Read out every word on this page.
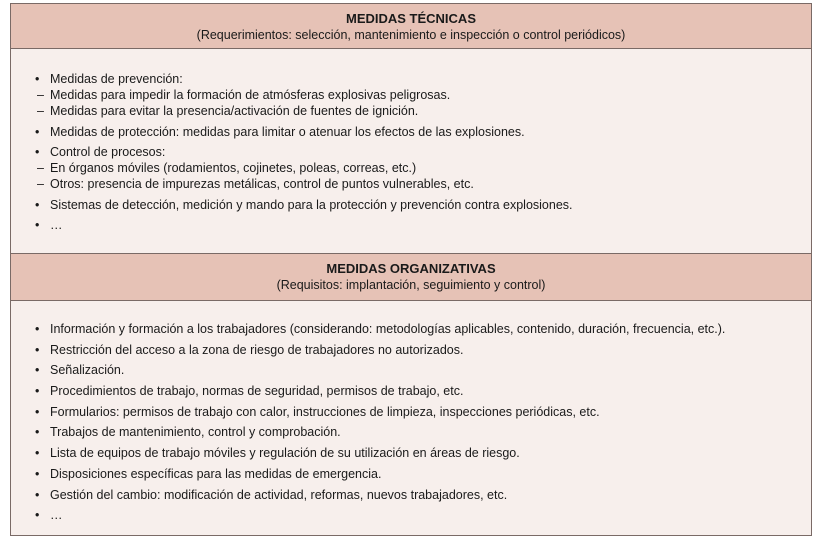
MEDIDAS TÉCNICAS
(Requerimientos: selección, mantenimiento e inspección o control periódicos)
• Medidas de prevención:
– Medidas para impedir la formación de atmósferas explosivas peligrosas.
– Medidas para evitar la presencia/activación de fuentes de ignición.
• Medidas de protección: medidas para limitar o atenuar los efectos de las explosiones.
• Control de procesos:
– En órganos móviles (rodamientos, cojinetes, poleas, correas, etc.)
– Otros: presencia de impurezas metálicas, control de puntos vulnerables, etc.
• Sistemas de detección, medición y mando para la protección y prevención contra explosiones.
• …
MEDIDAS ORGANIZATIVAS
(Requisitos: implantación, seguimiento y control)
• Información y formación a los trabajadores (considerando: metodologías aplicables, contenido, duración, frecuencia, etc.).
• Restricción del acceso a la zona de riesgo de trabajadores no autorizados.
• Señalización.
• Procedimientos de trabajo, normas de seguridad, permisos de trabajo, etc.
• Formularios: permisos de trabajo con calor, instrucciones de limpieza, inspecciones periódicas, etc.
• Trabajos de mantenimiento, control y comprobación.
• Lista de equipos de trabajo móviles y regulación de su utilización en áreas de riesgo.
• Disposiciones específicas para las medidas de emergencia.
• Gestión del cambio: modificación de actividad, reformas, nuevos trabajadores, etc.
• …
